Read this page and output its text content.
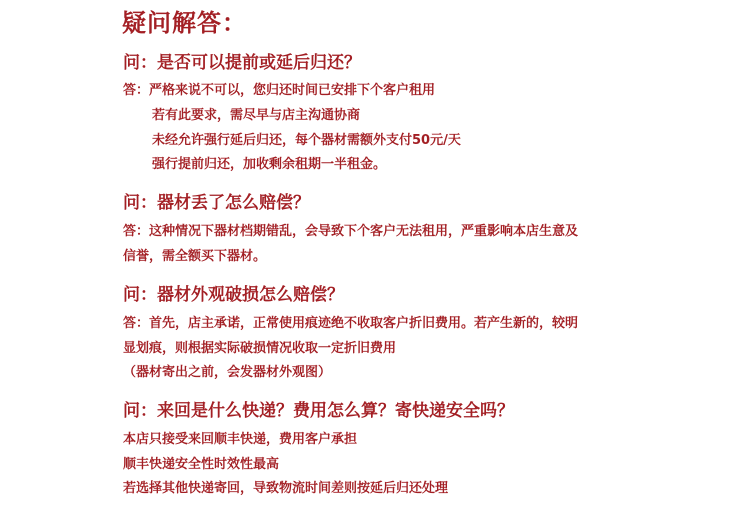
疑问解答：
问：是否可以提前或延后归还？
答：严格来说不可以，您归还时间已安排下个客户租用
若有此要求，需尽早与店主沟通协商
未经允许强行延后归还，每个器材需额外支付50元/天
强行提前归还，加收剩余租期一半租金。
问：器材丢了怎么赔偿？
答：这种情况下器材档期错乱，会导致下个客户无法租用，严重影响本店生意及
信誉，需全额买下器材。
问：器材外观破损怎么赔偿？
答：首先，店主承诺，正常使用痕迹绝不收取客户折旧费用。若产生新的，较明
显划痕，则根据实际破损情况收取一定折旧费用
（器材寄出之前，会发器材外观图）
问：来回是什么快递？费用怎么算？寄快递安全吗？
本店只接受来回顺丰快递，费用客户承担
顺丰快递安全性时效性最高
若选择其他快递寄回，导致物流时间差则按延后归还处理
